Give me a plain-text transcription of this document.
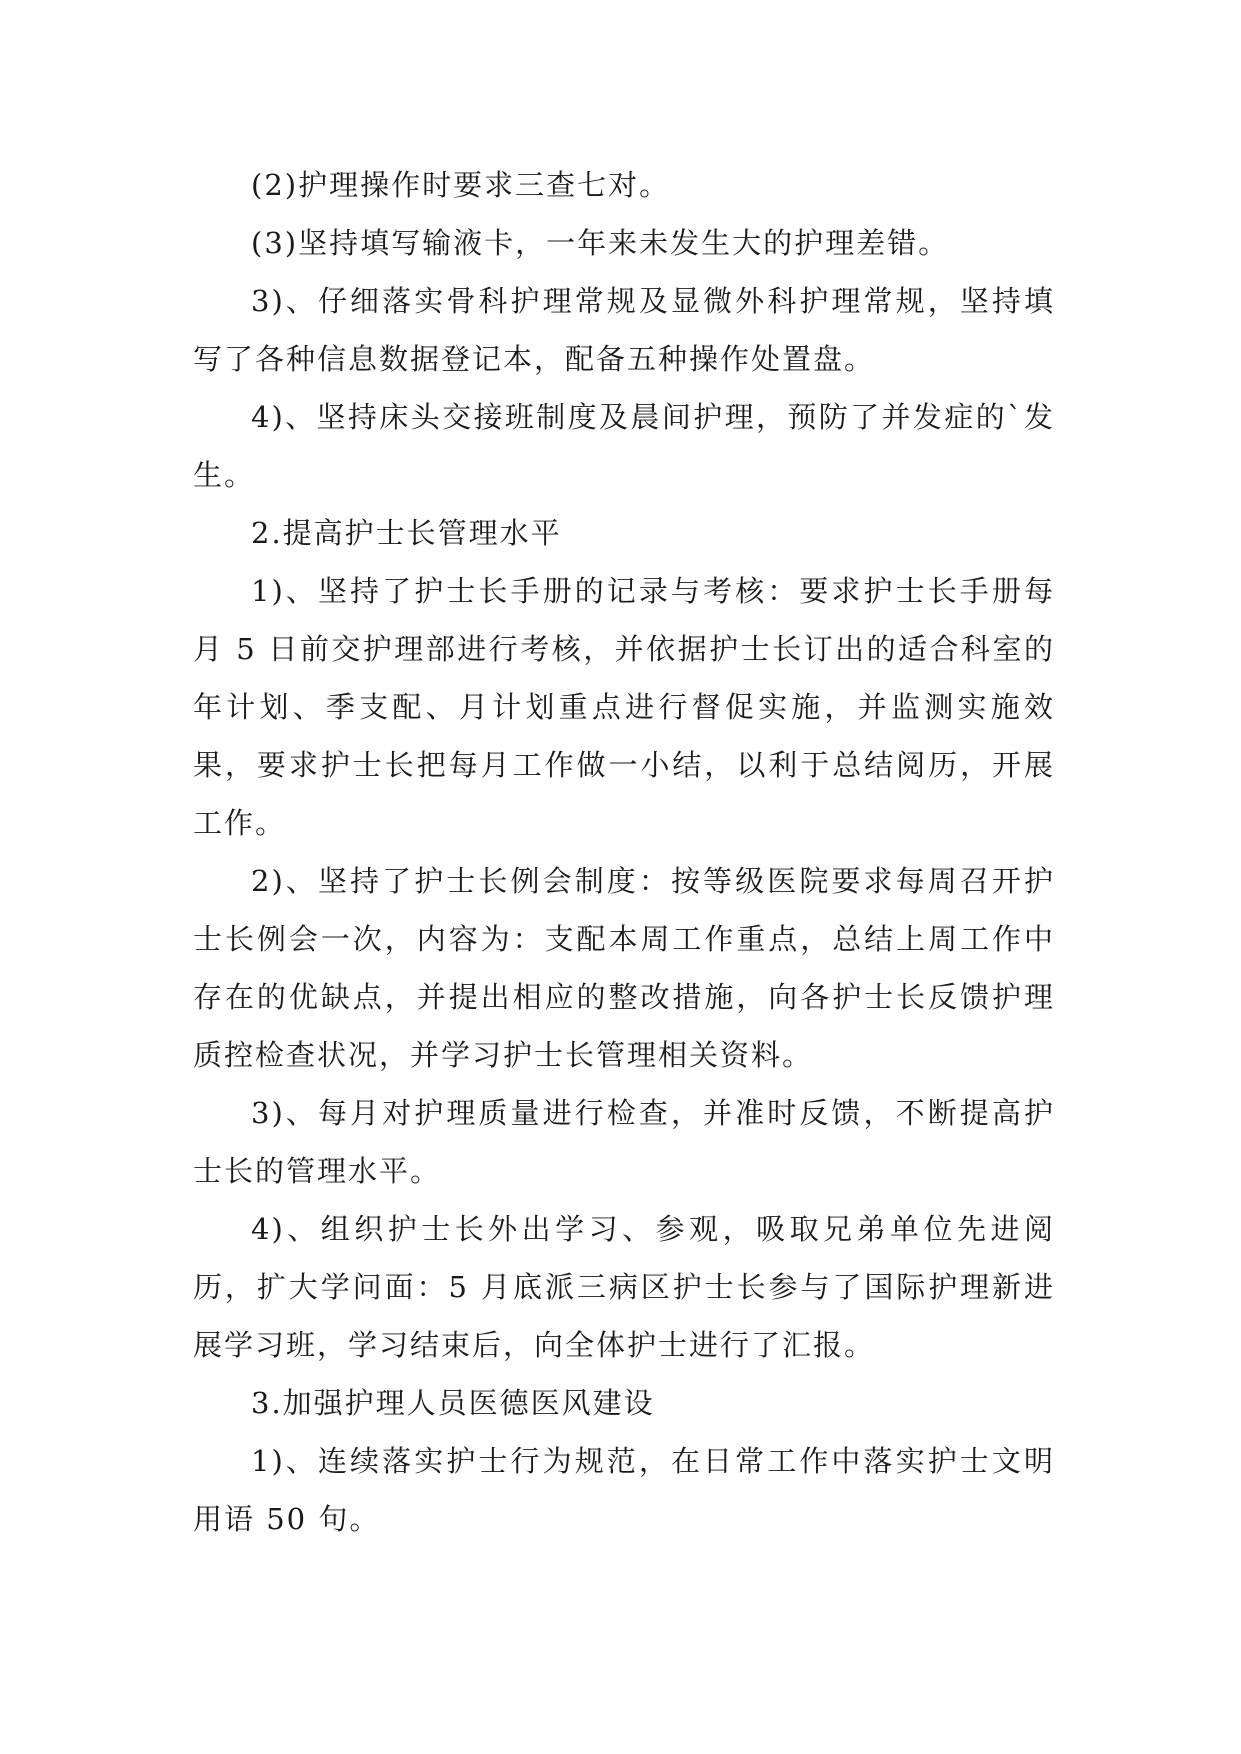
(2)护理操作时要求三查七对。

(3)坚持填写输液卡，一年来未发生大的护理差错。

3)、仔细落实骨科护理常规及显微外科护理常规，坚持填写了各种信息数据登记本，配备五种操作处置盘。

4)、坚持床头交接班制度及晨间护理，预防了并发症的`发生。

2.提高护士长管理水平

1)、坚持了护士长手册的记录与考核：要求护士长手册每月 5 日前交护理部进行考核，并依据护士长订出的适合科室的年计划、季支配、月计划重点进行督促实施，并监测实施效果，要求护士长把每月工作做一小结，以利于总结阅历，开展工作。

2)、坚持了护士长例会制度：按等级医院要求每周召开护士长例会一次，内容为：支配本周工作重点，总结上周工作中存在的优缺点，并提出相应的整改措施，向各护士长反馈护理质控检查状况，并学习护士长管理相关资料。

3)、每月对护理质量进行检查，并准时反馈，不断提高护士长的管理水平。

4)、组织护士长外出学习、参观，吸取兄弟单位先进阅历，扩大学问面：5 月底派三病区护士长参与了国际护理新进展学习班，学习结束后，向全体护士进行了汇报。

3.加强护理人员医德医风建设

1)、连续落实护士行为规范，在日常工作中落实护士文明用语 50 句。
